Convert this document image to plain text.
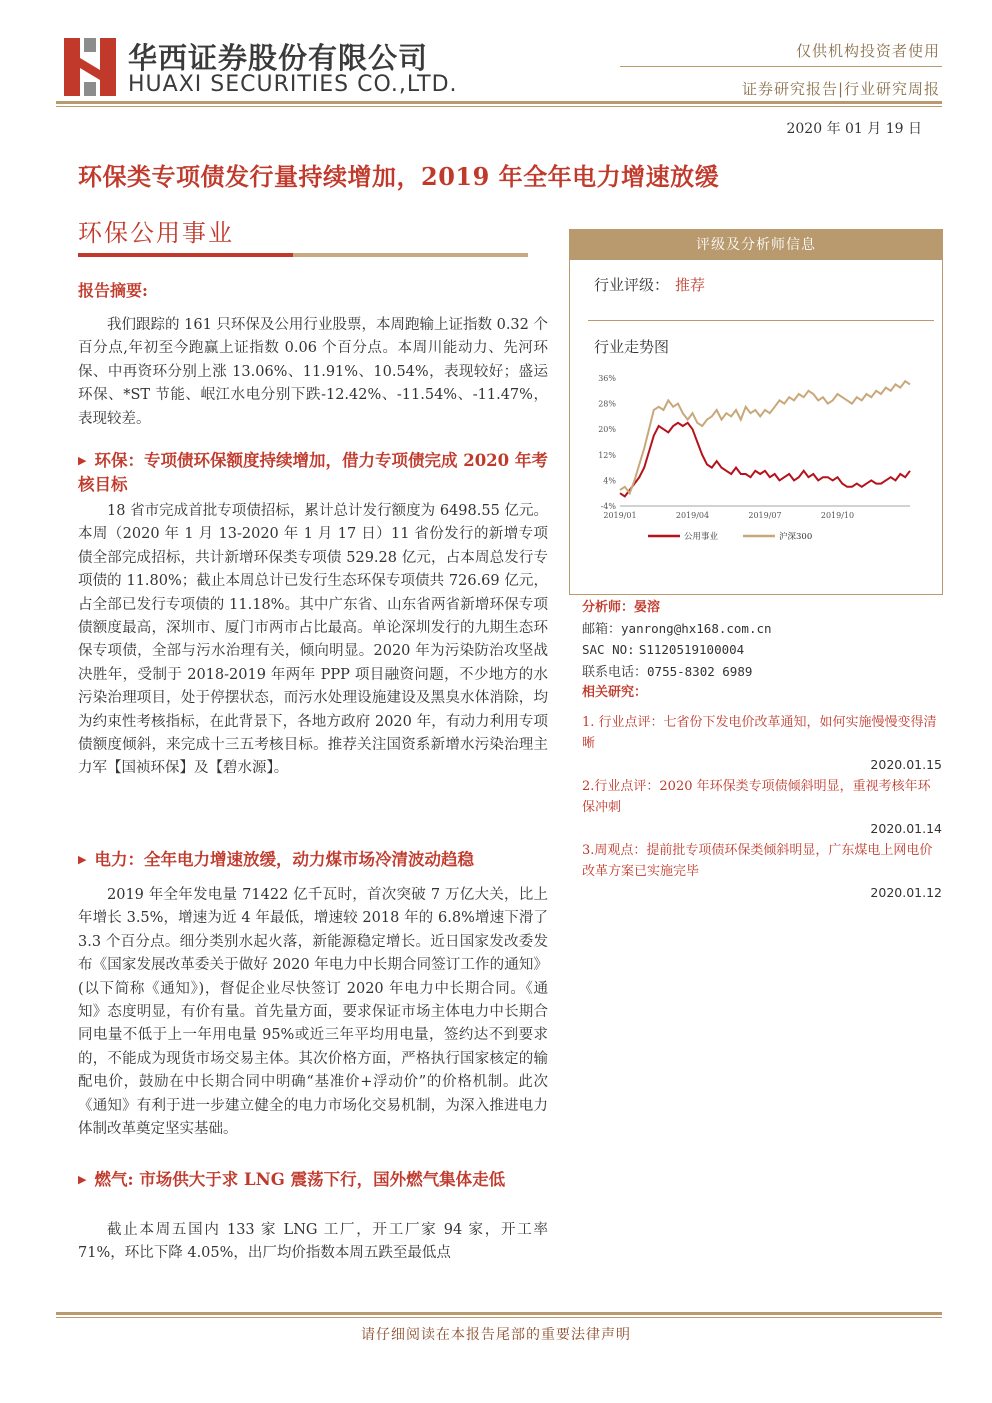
华西证券股份有限公司
HUAXI SECURITIES CO.,LTD.
仅供机构投资者使用
证券研究报告|行业研究周报
2020 年 01 月 19 日
环保类专项债发行量持续增加，2019 年全年电力增速放缓
环保公用事业
报告摘要:
我们跟踪的 161 只环保及公用行业股票，本周跑输上证指数 0.32 个百分点,年初至今跑赢上证指数 0.06 个百分点。本周川能动力、先河环保、中再资环分别上涨 13.06%、11.91%、10.54%，表现较好；盛运环保、*ST 节能、岷江水电分别下跌-12.42%、-11.54%、-11.47%，表现较差。
▶ 环保：专项债环保额度持续增加，借力专项债完成 2020 年考核目标
18 省市完成首批专项债招标，累计总计发行额度为 6498.55 亿元。本周（2020 年 1 月 13-2020 年 1 月 17 日）11 省份发行的新增专项债全部完成招标，共计新增环保类专项债 529.28 亿元，占本周总发行专项债的 11.80%；截止本周总计已发行生态环保专项债共 726.69 亿元，占全部已发行专项债的 11.18%。其中广东省、山东省两省新增环保专项债额度最高，深圳市、厦门市两市占比最高。单论深圳发行的九期生态环保专项债，全部与污水治理有关，倾向明显。2020 年为污染防治攻坚战决胜年，受制于 2018-2019 年两年 PPP 项目融资问题，不少地方的水污染治理项目，处于停摆状态，而污水处理设施建设及黑臭水体消除，均为约束性考核指标，在此背景下，各地方政府 2020 年，有动力利用专项债额度倾斜，来完成十三五考核目标。推荐关注国资系新增水污染治理主力军【国祯环保】及【碧水源】。
▶ 电力：全年电力增速放缓，动力煤市场冷清波动趋稳
2019 年全年发电量 71422 亿千瓦时，首次突破 7 万亿大关，比上年增长 3.5%，增速为近 4 年最低，增速较 2018 年的 6.8%增速下滑了 3.3 个百分点。细分类别水起火落，新能源稳定增长。近日国家发改委发布《国家发展改革委关于做好 2020 年电力中长期合同签订工作的通知》(以下简称《通知》)，督促企业尽快签订 2020 年电力中长期合同。《通知》态度明显，有价有量。首先量方面，要求保证市场主体电力中长期合同电量不低于上一年用电量 95%或近三年平均用电量，签约达不到要求的，不能成为现货市场交易主体。其次价格方面，严格执行国家核定的输配电价，鼓励在中长期合同中明确“基准价+浮动价”的价格机制。此次《通知》有利于进一步建立健全的电力市场化交易机制，为深入推进电力体制改革奠定坚实基础。
▶ 燃气: 市场供大于求 LNG 震荡下行，国外燃气集体走低
截止本周五国内 133 家 LNG 工厂，开工厂家 94 家，开工率 71%，环比下降 4.05%，出厂均价指数本周五跌至最低点
评级及分析师信息
行业评级： 推荐
行业走势图
36%
28%
20%
12%
4%
-4%
2019/01	2019/04	2019/07	2019/10
公用事业	沪深300
分析师：晏溶
邮箱：yanrong@hx168.com.cn
SAC NO: S1120519100004
联系电话：0755-8302 6989
相关研究：
1. 行业点评：七省份下发电价改革通知，如何实施慢慢变得清晰
2020.01.15
2.行业点评：2020 年环保类专项债倾斜明显，重视考核年环保冲刺
2020.01.14
3.周观点：提前批专项债环保类倾斜明显，广东煤电上网电价改革方案已实施完毕
2020.01.12
请仔细阅读在本报告尾部的重要法律声明
